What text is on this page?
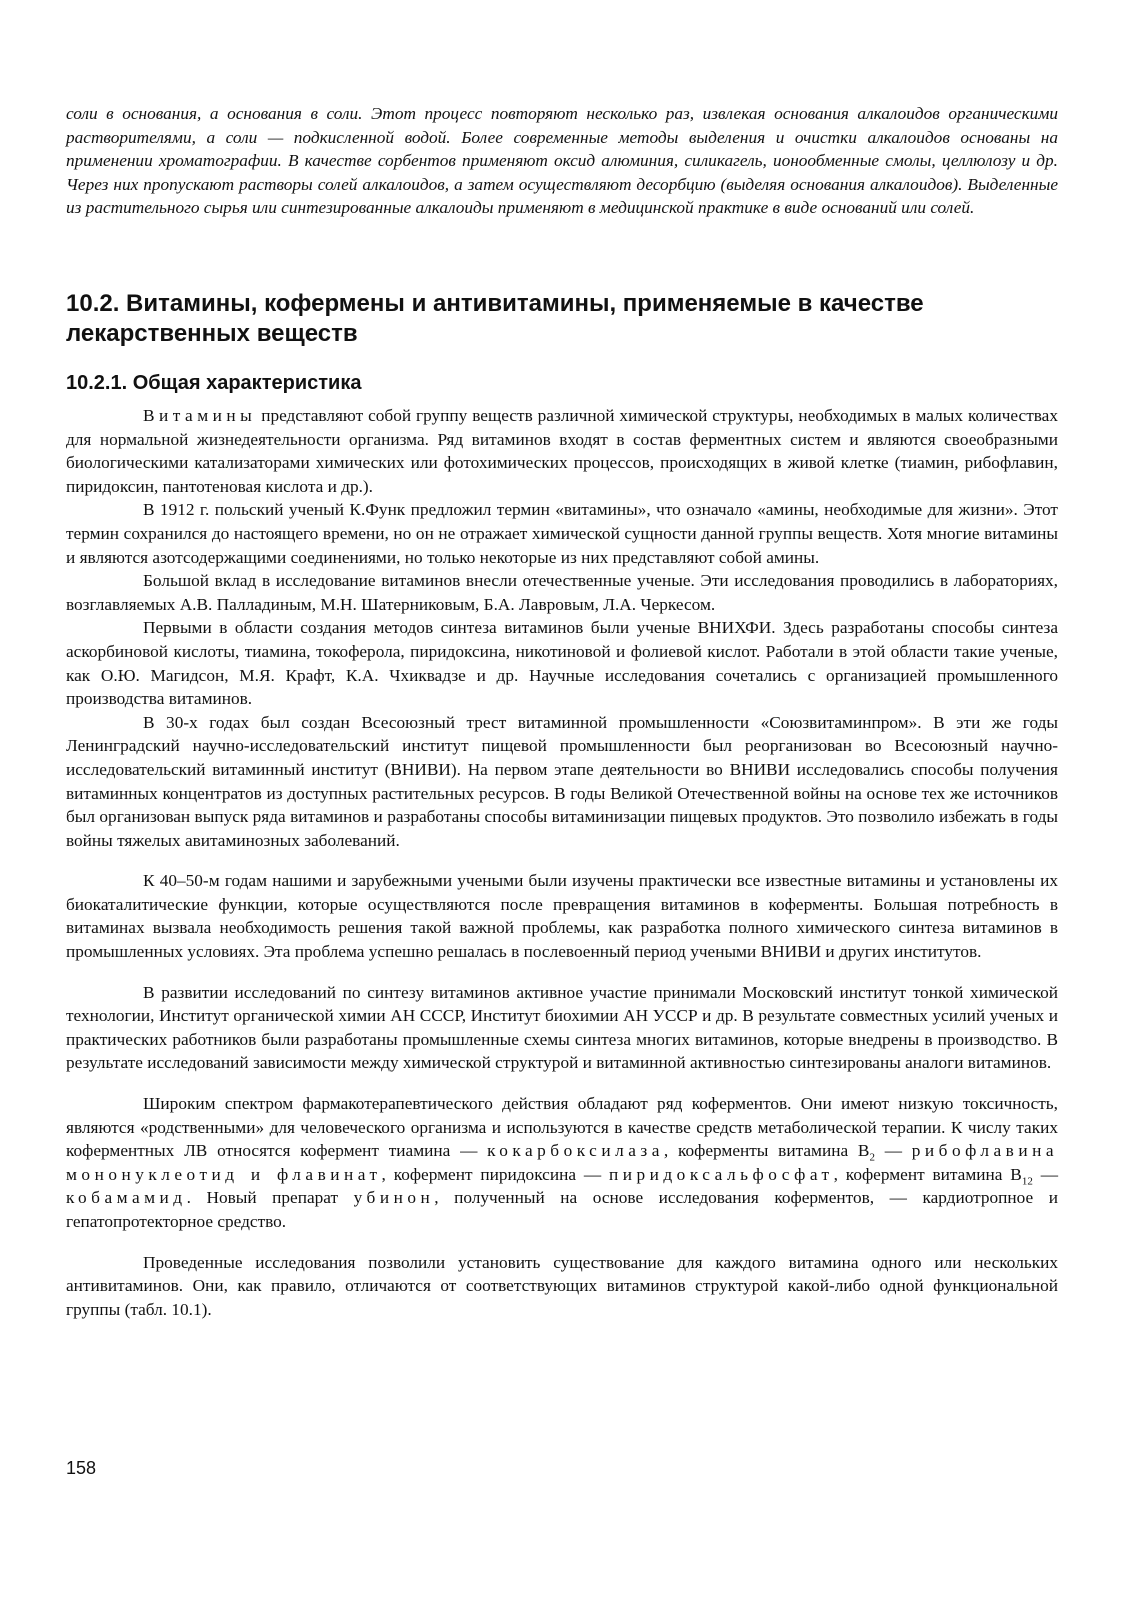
соли в основания, а основания в соли. Этот процесс повторяют несколько раз, извлекая основания алкалоидов органическими растворителями, а соли — подкисленной водой. Более современные методы выделения и очистки алкалоидов основаны на применении хроматографии. В качестве сорбентов применяют оксид алюминия, силикагель, ионообменные смолы, целлюлозу и др. Через них пропускают растворы солей алкалоидов, а затем осуществляют десорбцию (выделяя основания алкалоидов). Выделенные из растительного сырья или синтезированные алкалоиды применяют в медицинской практике в виде оснований или солей.

10.2. Витамины, кофермены и антивитамины, применяемые в качестве лекарственных веществ
10.2.1. Общая характеристика

Витамины представляют собой группу веществ различной химической структуры, необходимых в малых количествах для нормальной жизнедеятельности организма. Ряд витаминов входят в состав ферментных систем и являются своеобразными биологическими катализаторами химических или фотохимических процессов, происходящих в живой клетке (тиамин, рибофлавин, пиридоксин, пантотеновая кислота и др.).

В 1912 г. польский ученый К.Функ предложил термин «витамины», что означало «амины, необходимые для жизни». Этот термин сохранился до настоящего времени, но он не отражает химической сущности данной группы веществ. Хотя многие витамины и являются азотсодержащими соединениями, но только некоторые из них представляют собой амины.

Большой вклад в исследование витаминов внесли отечественные ученые. Эти исследования проводились в лабораториях, возглавляемых А.В. Палладиным, М.Н. Шатерниковым, Б.А. Лавровым, Л.А. Черкесом.

Первыми в области создания методов синтеза витаминов были ученые ВНИХФИ. Здесь разработаны способы синтеза аскорбиновой кислоты, тиамина, токоферола, пиридоксина, никотиновой и фолиевой кислот. Работали в этой области такие ученые, как О.Ю. Магидсон, М.Я. Крафт, К.А. Чхиквадзе и др. Научные исследования сочетались с организацией промышленного производства витаминов.

В 30-х годах был создан Всесоюзный трест витаминной промышленности «Союзвитаминпром». В эти же годы Ленинградский научно-исследовательский институт пищевой промышленности был реорганизован во Всесоюзный научно-исследовательский витаминный институт (ВНИВИ). На первом этапе деятельности во ВНИВИ исследовались способы получения витаминных концентратов из доступных растительных ресурсов. В годы Великой Отечественной войны на основе тех же источников был организован выпуск ряда витаминов и разработаны способы витаминизации пищевых продуктов. Это позволило избежать в годы войны тяжелых авитаминозных заболеваний.

К 40–50-м годам нашими и зарубежными учеными были изучены практически все известные витамины и установлены их биокаталитические функции, которые осуществляются после превращения витаминов в коферменты. Большая потребность в витаминах вызвала необходимость решения такой важной проблемы, как разработка полного химического синтеза витаминов в промышленных условиях. Эта проблема успешно решалась в послевоенный период учеными ВНИВИ и других институтов.

В развитии исследований по синтезу витаминов активное участие принимали Московский институт тонкой химической технологии, Институт органической химии АН СССР, Институт биохимии АН УССР и др. В результате совместных усилий ученых и практических работников были разработаны промышленные схемы синтеза многих витаминов, которые внедрены в производство. В результате исследований зависимости между химической структурой и витаминной активностью синтезированы аналоги витаминов.

Широким спектром фармакотерапевтического действия обладают ряд коферментов. Они имеют низкую токсичность, являются «родственными» для человеческого организма и используются в качестве средств метаболической терапии. К числу таких коферментных ЛВ относятся кофермент тиамина — кокарбоксилаза, коферменты витамина $B_2$ — рибофлавина мононуклеотид и флавинат, кофермент пиридоксина — пиридоксальфосфат, кофермент витамина $B_{12}$ — кобамамид. Новый препарат убинон, полученный на основе исследования коферментов, — кардиотропное и гепатопротекторное средство.

Проведенные исследования позволили установить существование для каждого витамина одного или нескольких антивитаминов. Они, как правило, отличаются от соответствующих витаминов структурой какой-либо одной функциональной группы (табл. 10.1).

158
